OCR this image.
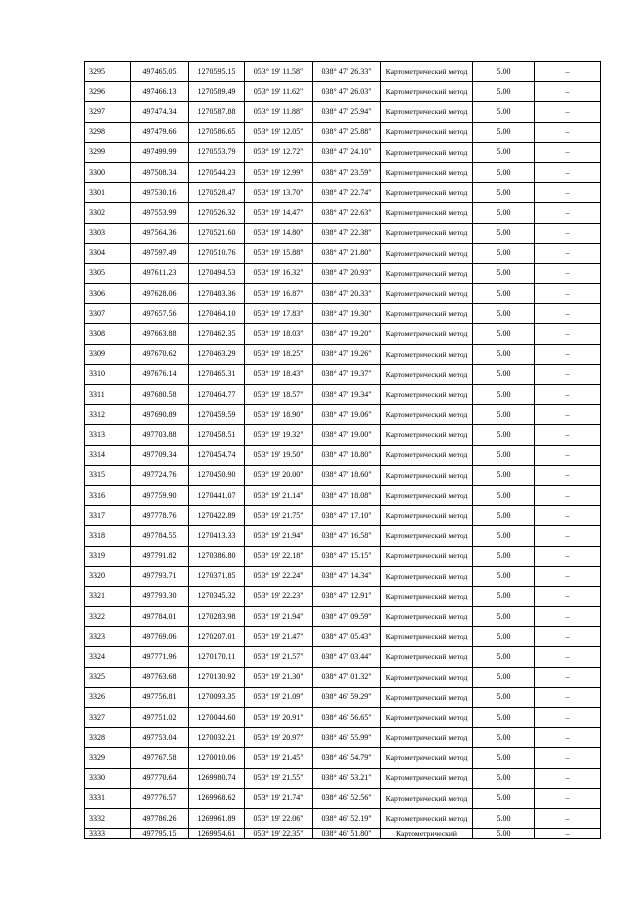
3295	497465.05	1270595.15	053° 19' 11.58"	038° 47' 26.33"	Картометрический метод	5.00	–
3296	497466.13	1270589.49	053° 19' 11.62"	038° 47' 26.03"	Картометрический метод	5.00	–
3297	497474.34	1270587.88	053° 19' 11.88"	038° 47' 25.94"	Картометрический метод	5.00	–
3298	497479.66	1270586.65	053° 19' 12.05"	038° 47' 25.88"	Картометрический метод	5.00	–
3299	497499.99	1270553.79	053° 19' 12.72"	038° 47' 24.10"	Картометрический метод	5.00	–
3300	497508.34	1270544.23	053° 19' 12.99"	038° 47' 23.59"	Картометрический метод	5.00	–
3301	497530.16	1270528.47	053° 19' 13.70"	038° 47' 22.74"	Картометрический метод	5.00	–
3302	497553.99	1270526.32	053° 19' 14.47"	038° 47' 22.63"	Картометрический метод	5.00	–
3303	497564.36	1270521.60	053° 19' 14.80"	038° 47' 22.38"	Картометрический метод	5.00	–
3304	497597.49	1270510.76	053° 19' 15.88"	038° 47' 21.80"	Картометрический метод	5.00	–
3305	497611.23	1270494.53	053° 19' 16.32"	038° 47' 20.93"	Картометрический метод	5.00	–
3306	497628.06	1270483.36	053° 19' 16.87"	038° 47' 20.33"	Картометрический метод	5.00	–
3307	497657.56	1270464.10	053° 19' 17.83"	038° 47' 19.30"	Картометрический метод	5.00	–
3308	497663.88	1270462.35	053° 19' 18.03"	038° 47' 19.20"	Картометрический метод	5.00	–
3309	497670.62	1270463.29	053° 19' 18.25"	038° 47' 19.26"	Картометрический метод	5.00	–
3310	497676.14	1270465.31	053° 19' 18.43"	038° 47' 19.37"	Картометрический метод	5.00	–
3311	497680.58	1270464.77	053° 19' 18.57"	038° 47' 19.34"	Картометрический метод	5.00	–
3312	497690.89	1270459.59	053° 19' 18.90"	038° 47' 19.06"	Картометрический метод	5.00	–
3313	497703.88	1270458.51	053° 19' 19.32"	038° 47' 19.00"	Картометрический метод	5.00	–
3314	497709.34	1270454.74	053° 19' 19.50"	038° 47' 18.80"	Картометрический метод	5.00	–
3315	497724.76	1270450.90	053° 19' 20.00"	038° 47' 18.60"	Картометрический метод	5.00	–
3316	497759.90	1270441.07	053° 19' 21.14"	038° 47' 18.08"	Картометрический метод	5.00	–
3317	497778.76	1270422.89	053° 19' 21.75"	038° 47' 17.10"	Картометрический метод	5.00	–
3318	497784.55	1270413.33	053° 19' 21.94"	038° 47' 16.58"	Картометрический метод	5.00	–
3319	497791.82	1270386.80	053° 19' 22.18"	038° 47' 15.15"	Картометрический метод	5.00	–
3320	497793.71	1270371.85	053° 19' 22.24"	038° 47' 14.34"	Картометрический метод	5.00	–
3321	497793.30	1270345.32	053° 19' 22.23"	038° 47' 12.91"	Картометрический метод	5.00	–
3322	497784.01	1270283.98	053° 19' 21.94"	038° 47' 09.59"	Картометрический метод	5.00	–
3323	497769.06	1270207.01	053° 19' 21.47"	038° 47' 05.43"	Картометрический метод	5.00	–
3324	497771.96	1270170.11	053° 19' 21.57"	038° 47' 03.44"	Картометрический метод	5.00	–
3325	497763.68	1270130.92	053° 19' 21.30"	038° 47' 01.32"	Картометрический метод	5.00	–
3326	497756.81	1270093.35	053° 19' 21.09"	038° 46' 59.29"	Картометрический метод	5.00	–
3327	497751.02	1270044.60	053° 19' 20.91"	038° 46' 56.65"	Картометрический метод	5.00	–
3328	497753.04	1270032.21	053° 19' 20.97"	038° 46' 55.99"	Картометрический метод	5.00	–
3329	497767.58	1270010.06	053° 19' 21.45"	038° 46' 54.79"	Картометрический метод	5.00	–
3330	497770.64	1269980.74	053° 19' 21.55"	038° 46' 53.21"	Картометрический метод	5.00	–
3331	497776.57	1269968.62	053° 19' 21.74"	038° 46' 52.56"	Картометрический метод	5.00	–
3332	497786.26	1269961.89	053° 19' 22.06"	038° 46' 52.19"	Картометрический метод	5.00	–
3333	497795.15	1269954.61	053° 19' 22.35"	038° 46' 51.80"	Картометрический	5.00	–
